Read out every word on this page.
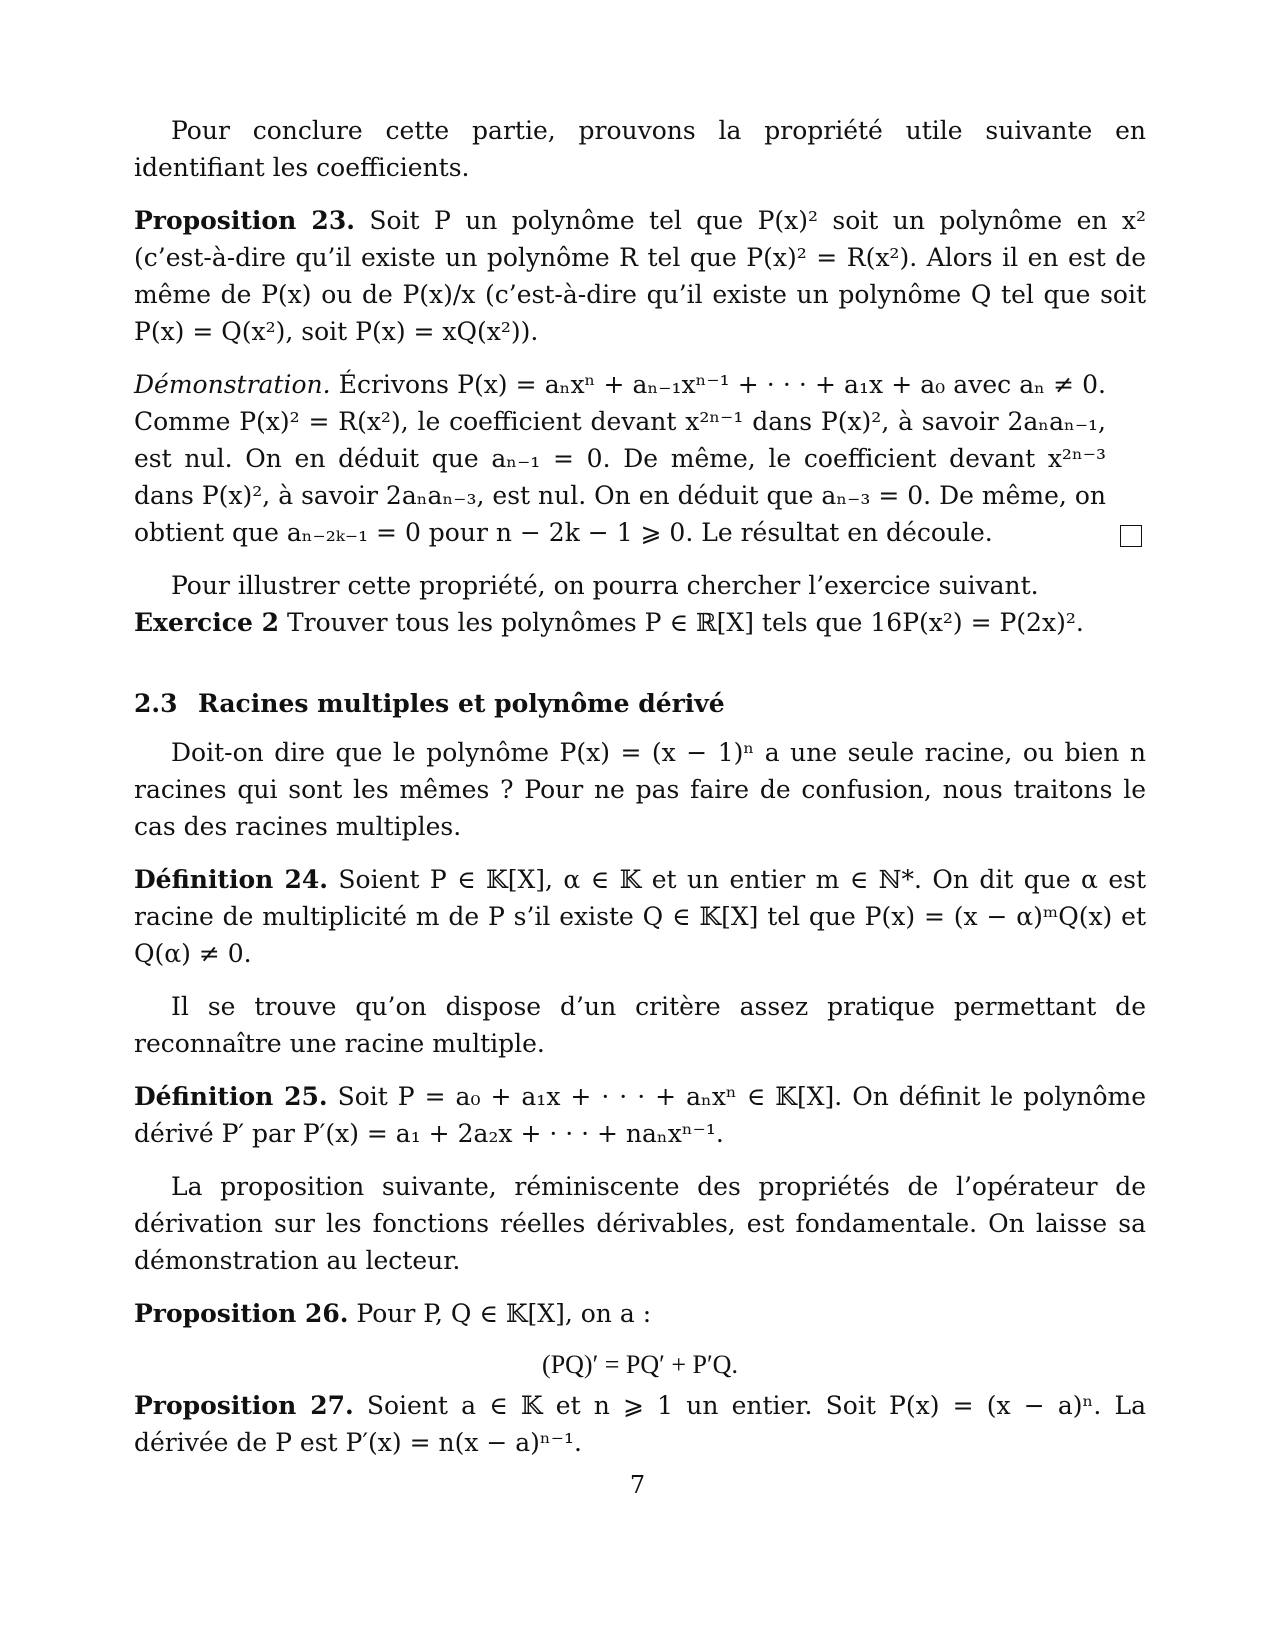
Pour conclure cette partie, prouvons la propriété utile suivante en identifiant les coefficients.

Proposition 23. Soit P un polynôme tel que P(x)² soit un polynôme en x² (c’est-à-dire qu’il existe un polynôme R tel que P(x)² = R(x²). Alors il en est de même de P(x) ou de P(x)/x (c’est-à-dire qu’il existe un polynôme Q tel que soit P(x) = Q(x²), soit P(x) = xQ(x²)).

Démonstration. Écrivons P(x) = aₙxⁿ + aₙ₋₁xⁿ⁻¹ + · · · + a₁x + a₀ avec aₙ ≠ 0. Comme P(x)² = R(x²), le coefficient devant x²ⁿ⁻¹ dans P(x)², à savoir 2aₙaₙ₋₁, est nul. On en déduit que aₙ₋₁ = 0. De même, le coefficient devant x²ⁿ⁻³ dans P(x)², à savoir 2aₙaₙ₋₃, est nul. On en déduit que aₙ₋₃ = 0. De même, on obtient que aₙ₋₂ₖ₋₁ = 0 pour n − 2k − 1 ⩾ 0. Le résultat en découle.

Pour illustrer cette propriété, on pourra chercher l’exercice suivant.

Exercice 2 Trouver tous les polynômes P ∈ ℝ[X] tels que 16P(x²) = P(2x)².

2.3 Racines multiples et polynôme dérivé

Doit-on dire que le polynôme P(x) = (x − 1)ⁿ a une seule racine, ou bien n racines qui sont les mêmes ? Pour ne pas faire de confusion, nous traitons le cas des racines multiples.

Définition 24. Soient P ∈ 𝕂[X], α ∈ 𝕂 et un entier m ∈ ℕ*. On dit que α est racine de multiplicité m de P s’il existe Q ∈ 𝕂[X] tel que P(x) = (x − α)ᵐQ(x) et Q(α) ≠ 0.

Il se trouve qu’on dispose d’un critère assez pratique permettant de reconnaître une racine multiple.

Définition 25. Soit P = a₀ + a₁x + · · · + aₙxⁿ ∈ 𝕂[X]. On définit le polynôme dérivé P′ par P′(x) = a₁ + 2a₂x + · · · + naₙxⁿ⁻¹.

La proposition suivante, réminiscente des propriétés de l’opérateur de dérivation sur les fonctions réelles dérivables, est fondamentale. On laisse sa démonstration au lecteur.

Proposition 26. Pour P, Q ∈ 𝕂[X], on a :

(PQ)′ = PQ′ + P′Q.

Proposition 27. Soient a ∈ 𝕂 et n ⩾ 1 un entier. Soit P(x) = (x − a)ⁿ. La dérivée de P est P′(x) = n(x − a)ⁿ⁻¹.

7
